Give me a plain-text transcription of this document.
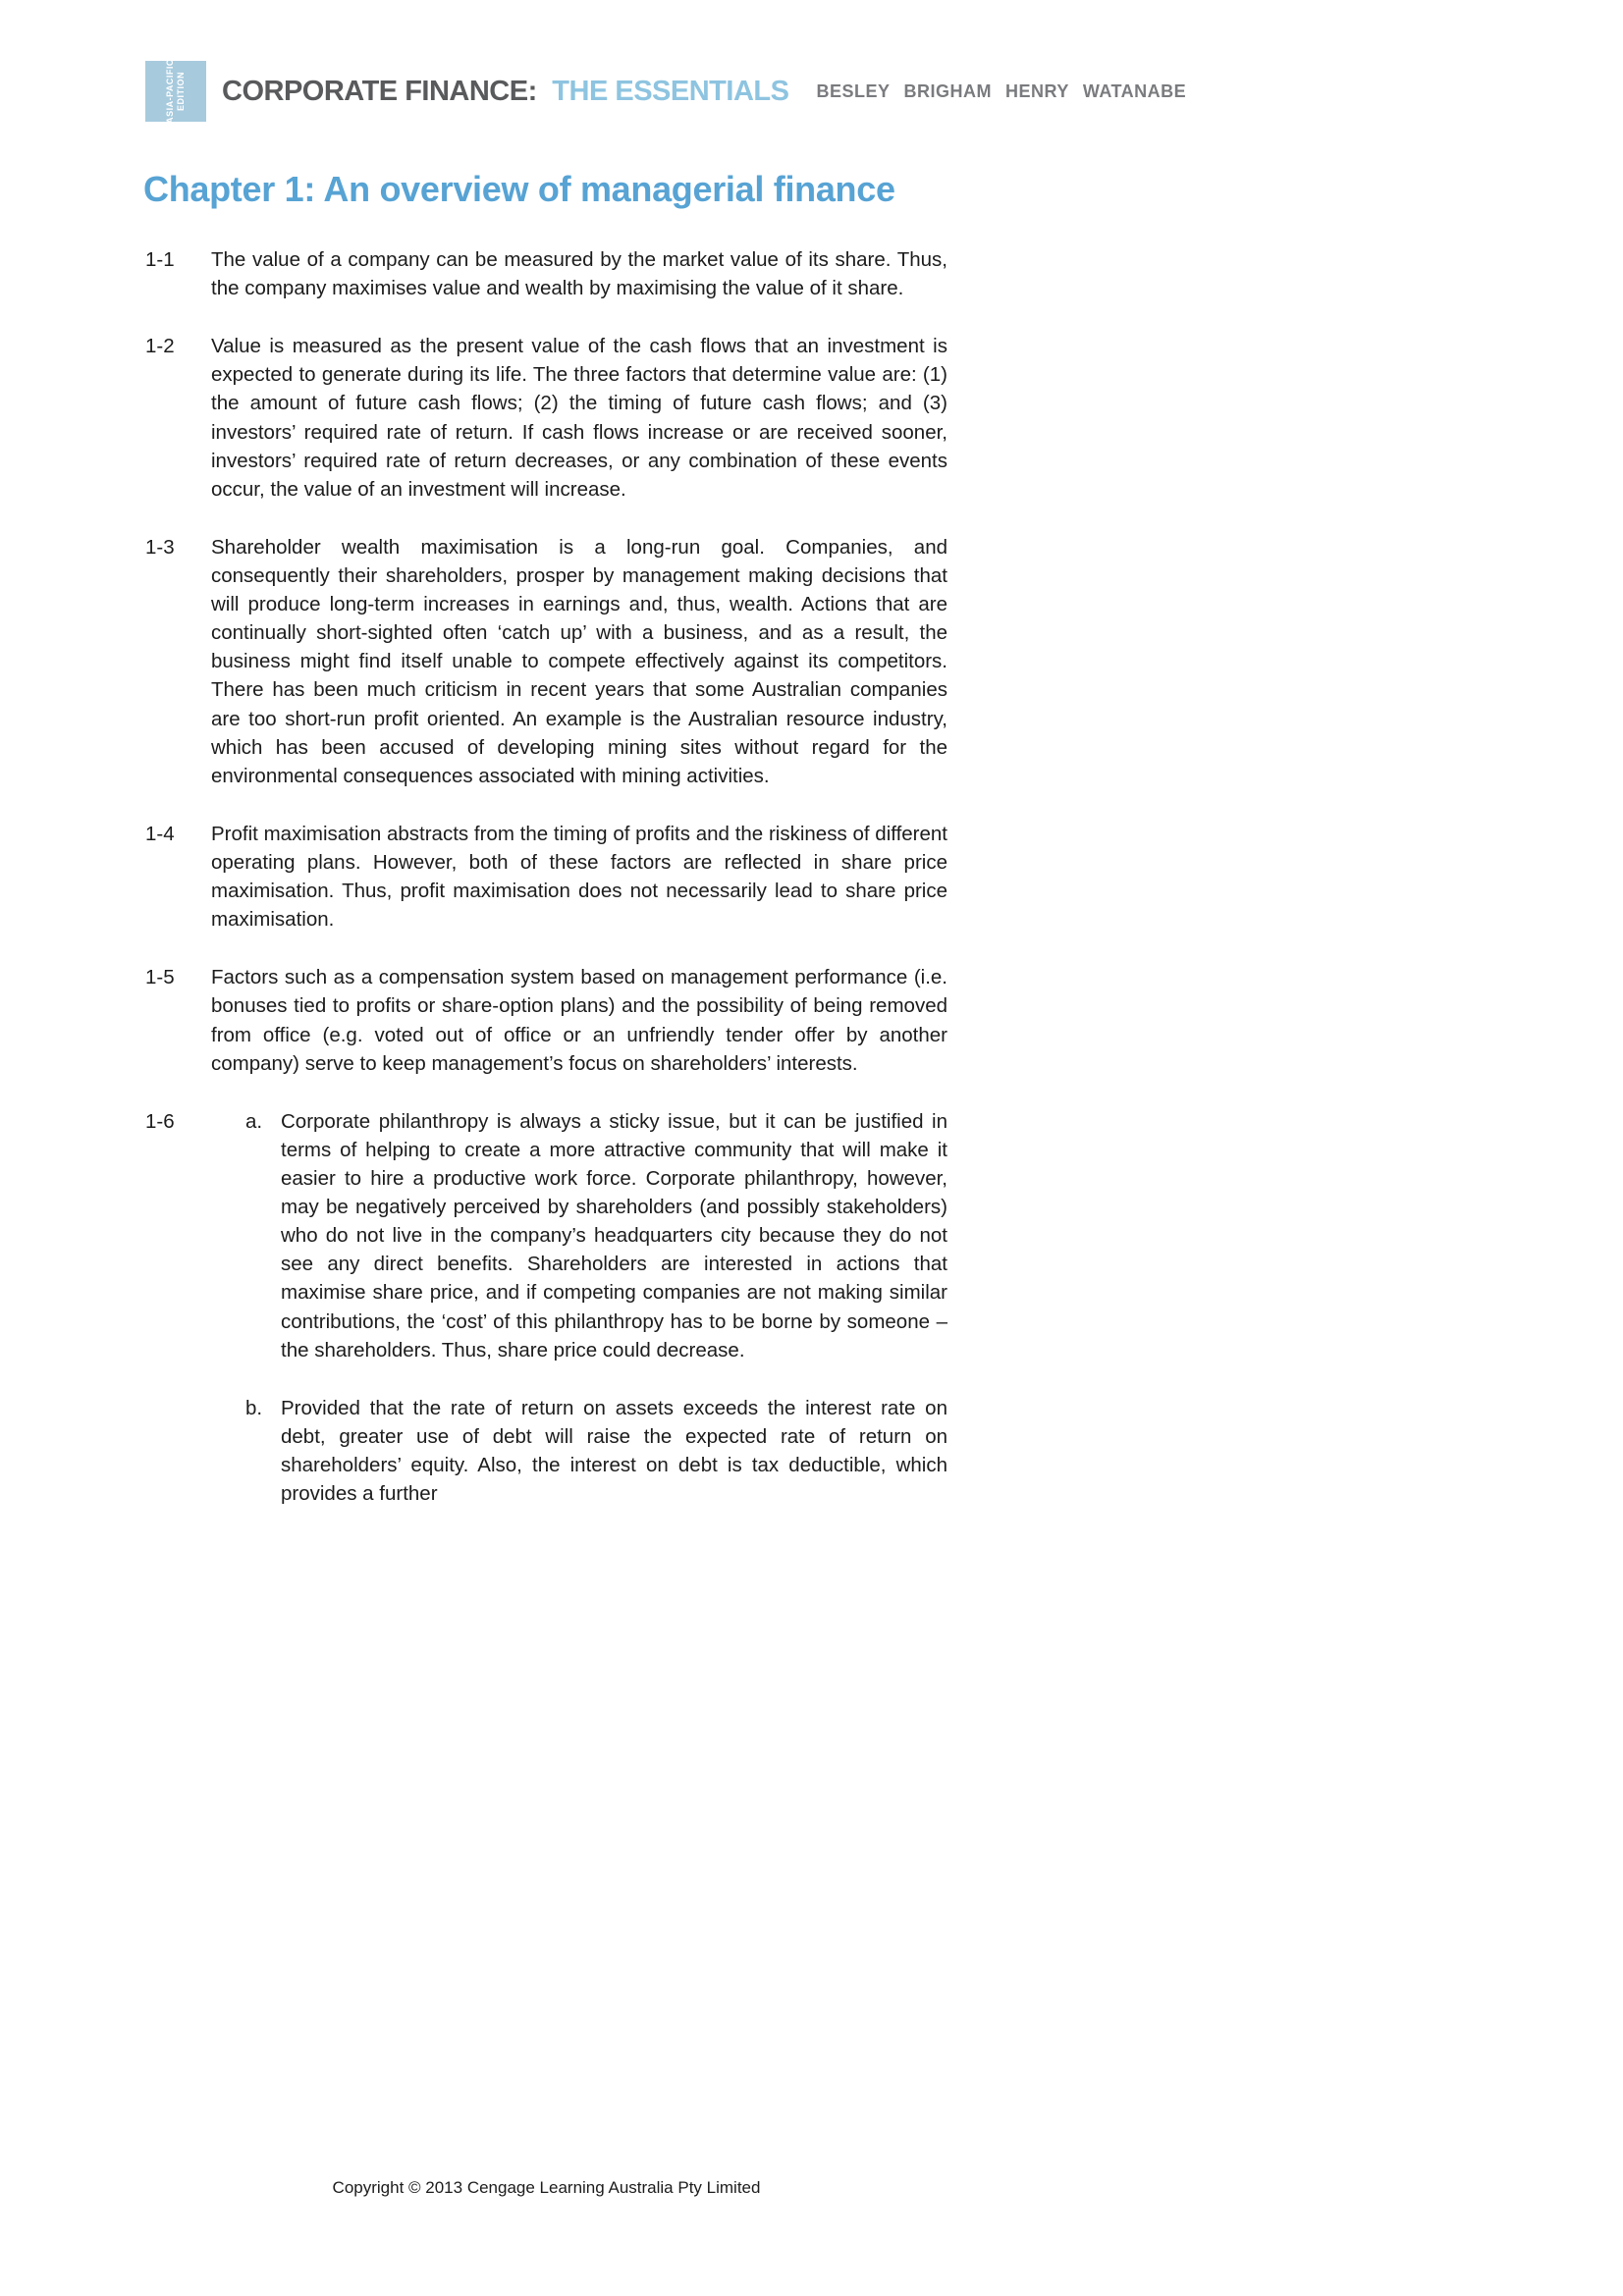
ASIA-PACIFIC EDITION CORPORATE FINANCE: THE ESSENTIALS BESLEY BRIGHAM HENRY WATANABE
Chapter 1: An overview of managerial finance
1-1	The value of a company can be measured by the market value of its share. Thus, the company maximises value and wealth by maximising the value of it share.
1-2	Value is measured as the present value of the cash flows that an investment is expected to generate during its life. The three factors that determine value are: (1) the amount of future cash flows; (2) the timing of future cash flows; and (3) investors’ required rate of return. If cash flows increase or are received sooner, investors’ required rate of return decreases, or any combination of these events occur, the value of an investment will increase.
1-3	Shareholder wealth maximisation is a long-run goal. Companies, and consequently their shareholders, prosper by management making decisions that will produce long-term increases in earnings and, thus, wealth. Actions that are continually short-sighted often ‘catch up’ with a business, and as a result, the business might find itself unable to compete effectively against its competitors. There has been much criticism in recent years that some Australian companies are too short-run profit oriented. An example is the Australian resource industry, which has been accused of developing mining sites without regard for the environmental consequences associated with mining activities.
1-4	Profit maximisation abstracts from the timing of profits and the riskiness of different operating plans. However, both of these factors are reflected in share price maximisation. Thus, profit maximisation does not necessarily lead to share price maximisation.
1-5	Factors such as a compensation system based on management performance (i.e. bonuses tied to profits or share-option plans) and the possibility of being removed from office (e.g. voted out of office or an unfriendly tender offer by another company) serve to keep management’s focus on shareholders’ interests.
1-6	a. Corporate philanthropy is always a sticky issue, but it can be justified in terms of helping to create a more attractive community that will make it easier to hire a productive work force. Corporate philanthropy, however, may be negatively perceived by shareholders (and possibly stakeholders) who do not live in the company’s headquarters city because they do not see any direct benefits. Shareholders are interested in actions that maximise share price, and if competing companies are not making similar contributions, the ‘cost’ of this philanthropy has to be borne by someone – the shareholders. Thus, share price could decrease.
b. Provided that the rate of return on assets exceeds the interest rate on debt, greater use of debt will raise the expected rate of return on shareholders’ equity. Also, the interest on debt is tax deductible, which provides a further
Copyright © 2013 Cengage Learning Australia Pty Limited
